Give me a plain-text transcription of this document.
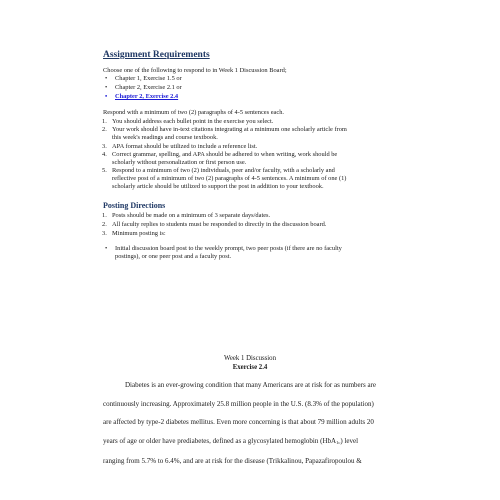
Assignment Requirements
Choose one of the following to respond to in Week 1 Discussion Board;
• Chapter 1, Exercise 1.5 or
• Chapter 2, Exercise 2.1 or
• Chapter 2, Exercise 2.4
Respond with a minimum of two (2) paragraphs of 4-5 sentences each.
1. You should address each bullet point in the exercise you select.
2. Your work should have in-text citations integrating at a minimum one scholarly article from
this week's readings and course textbook.
3. APA format should be utilized to include a reference list.
4. Correct grammar, spelling, and APA should be adhered to when writing, work should be
scholarly without personalization or first person use.
5. Respond to a minimum of two (2) individuals, peer and/or faculty, with a scholarly and
reflective post of a minimum of two (2) paragraphs of 4-5 sentences. A minimum of one (1)
scholarly article should be utilized to support the post in addition to your textbook.
Posting Directions
1. Posts should be made on a minimum of 3 separate days/dates.
2. All faculty replies to students must be responded to directly in the discussion board.
3. Minimum posting is:
• Initial discussion board post to the weekly prompt, two peer posts (if there are no faculty
postings), or one peer post and a faculty post.
Week 1 Discussion
Exercise 2.4
Diabetes is an ever-growing condition that many Americans are at risk for as numbers are
continuously increasing. Approximately 25.8 million people in the U.S. (8.3% of the population)
are affected by type-2 diabetes mellitus. Even more concerning is that about 79 million adults 20
years of age or older have prediabetes, defined as a glycosylated hemoglobin (HbA$_{1c}$) level
ranging from 5.7% to 6.4%, and are at risk for the disease (Trikkalinou, Papazafiropoulou &
